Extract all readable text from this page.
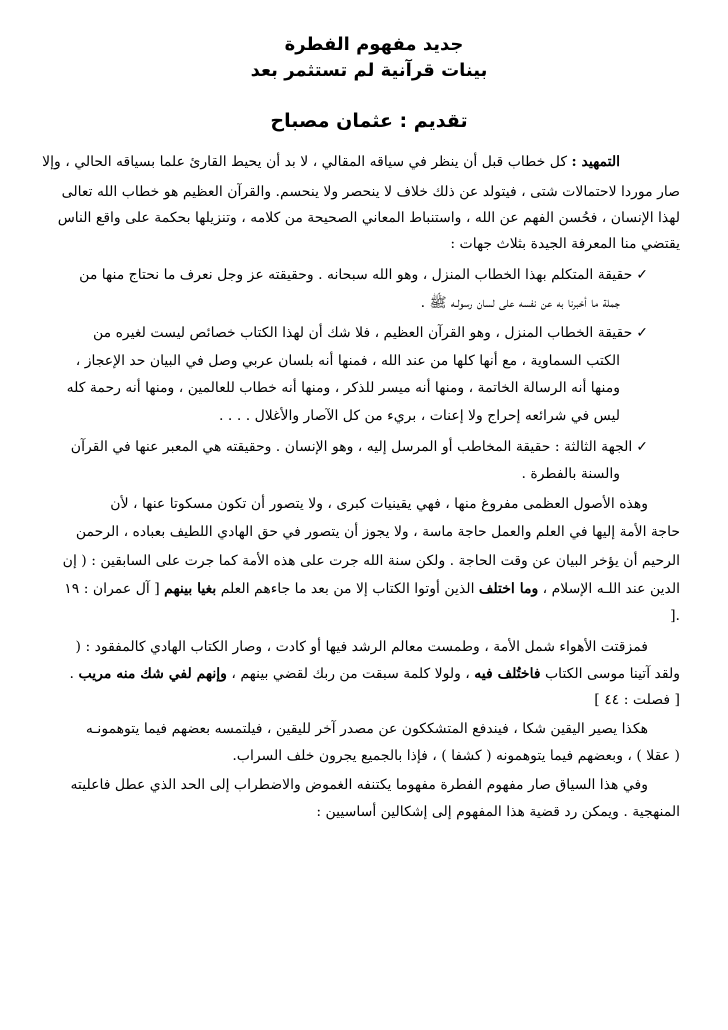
جديد مفهوم الفطرة
بينات قرآنية لم تستثمر بعد
تقديم : عثمان مصباح
التمهيد : كل خطاب قبل أن ينظر في سياقه المقالي ، لا بد أن يحيط القارئ علما بسياقه الحالي ، وإلا
صار موردا لاحتمالات شتى ، فيتولد عن ذلك خلاف لا ينحصر ولا ينحسم. والقرآن العظيم هو خطاب الله تعالى
لهذا الإنسان ، فحُسن الفهم عن الله ، واستنباط المعاني الصحيحة من كلامه ، وتنزيلها بحكمة على واقع الناس
يقتضي منا المعرفة الجيدة بثلاث جهات :
✓حقيقة المتكلم بهذا الخطاب المنزل ، وهو الله سبحانه . وحقيقته عز وجل نعرف ما نحتاج منها من
جملة ما أخبرنا به عن نفسه على لسان رسولـه ﷺ .
✓حقيقة الخطاب المنزل ، وهو القرآن العظيم ، فلا شك أن لهذا الكتاب خصائص ليست لغيره من
الكتب السماوية ، مع أنها كلها من عند الله ، فمنها أنه بلسان عربي وصل في البيان حد الإعجاز ،
ومنها أنه الرسالة الخاتمة ، ومنها أنه ميسر للذكر ، ومنها أنه خطاب للعالمين ، ومنها أنه رحمة كله
ليس في شرائعه إحراج ولا إعنات ، بريء من كل الآصار والأغلال . . . .
✓الجهة الثالثة : حقيقة المخاطب أو المرسل إليه ، وهو الإنسان . وحقيقته هي المعبر عنها في القرآن
والسنة بالفطرة .
وهذه الأصول العظمى مفروغ منها ، فهي يقينيات كبرى ، ولا يتصور أن تكون مسكوتا عنها ، لأن
حاجة الأمة إليها في العلم والعمل حاجة ماسة ، ولا يجوز أن يتصور في حق الهادي اللطيف بعباده ، الرحمن
الرحيم أن يؤخر البيان عن وقت الحاجة . ولكن سنة الله جرت على هذه الأمة كما جرت على السابقين : ( إن
الدين عند اللـه الإسلام ، وما اختلف الذين أوتوا الكتاب إلا من بعد ما جاءهم العلم بغيا بينهم [ آل عمران : ١٩
.[
فمزقتت الأهواء شمل الأمة ، وطمست معالم الرشد فيها أو كادت ، وصار الكتاب الهادي كالمفقود : (
ولقد آتينا موسى الكتاب فاختُلف فيه ، ولولا كلمة سبقت من ربك لقضي بينهم ، وإنهم لفي شك منه مريب .
[ فصلت : ٤٤ ]
هكذا يصير اليقين شكا ، فيندفع المتشككون عن مصدر آخر لليقين ، فيلتمسه بعضهم فيما يتوهمونـه
( عقلا ) ، وبعضهم فيما يتوهمونه ( كشفا ) ، فإذا بالجميع يجرون خلف السراب.
وفي هذا السياق صار مفهوم الفطرة مفهوما يكتنفه الغموض والاضطراب إلى الحد الذي عطل فاعليته
المنهجية . ويمكن رد قضية هذا المفهوم إلى إشكالين أساسيين :
